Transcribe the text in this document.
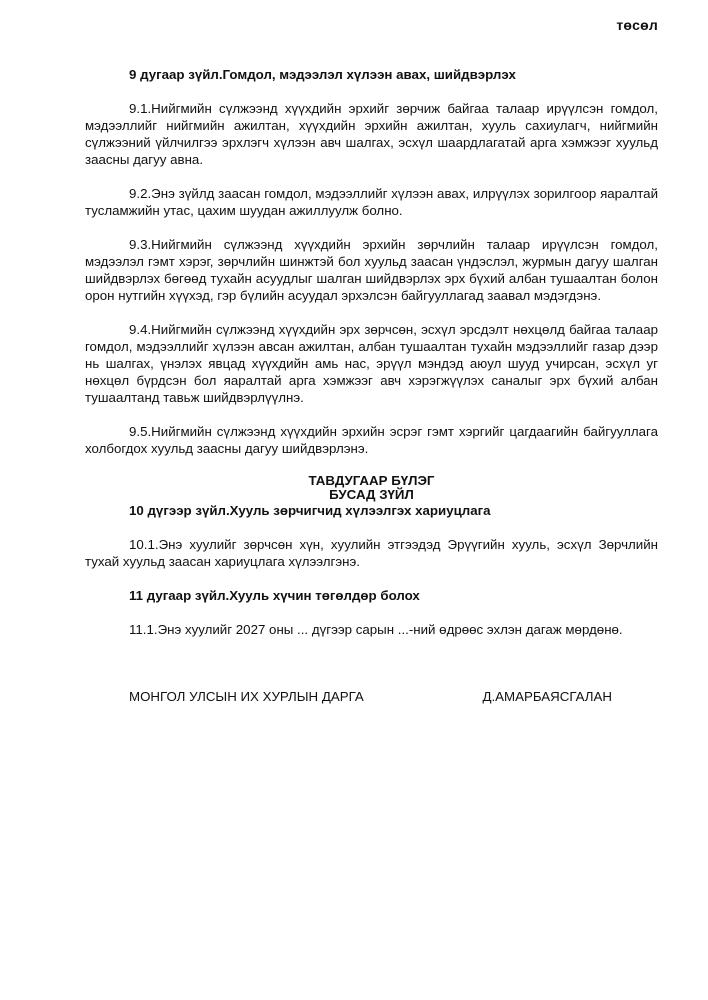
төсөл
9 дугаар зүйл.Гомдол, мэдээлэл хүлээн авах, шийдвэрлэх

9.1.Нийгмийн сүлжээнд хүүхдийн эрхийг зөрчиж байгаа талаар ирүүлсэн гомдол, мэдээллийг нийгмийн ажилтан, хүүхдийн эрхийн ажилтан, хууль сахиулагч, нийгмийн сүлжээний үйлчилгээ эрхлэгч хүлээн авч шалгах, эсхүл шаардлагатай арга хэмжээг хуульд заасны дагуу авна.

9.2.Энэ зүйлд заасан гомдол, мэдээллийг хүлээн авах, илрүүлэх зорилгоор яаралтай тусламжийн утас, цахим шуудан ажиллуулж болно.

9.3.Нийгмийн сүлжээнд хүүхдийн эрхийн зөрчлийн талаар ирүүлсэн гомдол, мэдээлэл гэмт хэрэг, зөрчлийн шинжтэй бол хуульд заасан үндэслэл, журмын дагуу шалган шийдвэрлэх бөгөөд тухайн асуудлыг шалган шийдвэрлэх эрх бүхий албан тушаалтан болон орон нутгийн хүүхэд, гэр бүлийн асуудал эрхэлсэн байгууллагад заавал мэдэгдэнэ.

9.4.Нийгмийн сүлжээнд хүүхдийн эрх зөрчсөн, эсхүл эрсдэлт нөхцөлд байгаа талаар гомдол, мэдээллийг хүлээн авсан ажилтан, албан тушаалтан тухайн мэдээллийг газар дээр нь шалгах, үнэлэх явцад хүүхдийн амь нас, эрүүл мэндэд аюул шууд учирсан, эсхүл уг нөхцөл бүрдсэн бол яаралтай арга хэмжээг авч хэрэгжүүлэх саналыг эрх бүхий албан тушаалтанд тавьж шийдвэрлүүлнэ.

9.5.Нийгмийн сүлжээнд хүүхдийн эрхийн эсрэг гэмт хэргийг цагдаагийн байгууллага холбогдох хуульд заасны дагуу шийдвэрлэнэ.

ТАВДУГААР БҮЛЭГ
БУСАД ЗҮЙЛ
10 дүгээр зүйл.Хууль зөрчигчид хүлээлгэх хариуцлага

10.1.Энэ хуулийг зөрчсөн хүн, хуулийн этгээдэд Эрүүгийн хууль, эсхүл Зөрчлийн тухай хуульд заасан хариуцлага хүлээлгэнэ.

11 дугаар зүйл.Хууль хүчин төгөлдөр болох

11.1.Энэ хуулийг 2027 оны ... дүгээр сарын ...-ний өдрөөс эхлэн дагаж мөрдөнө.

МОНГОЛ УЛСЫН ИХ ХУРЛЫН ДАРГА	Д.АМАРБАЯСГАЛАН
